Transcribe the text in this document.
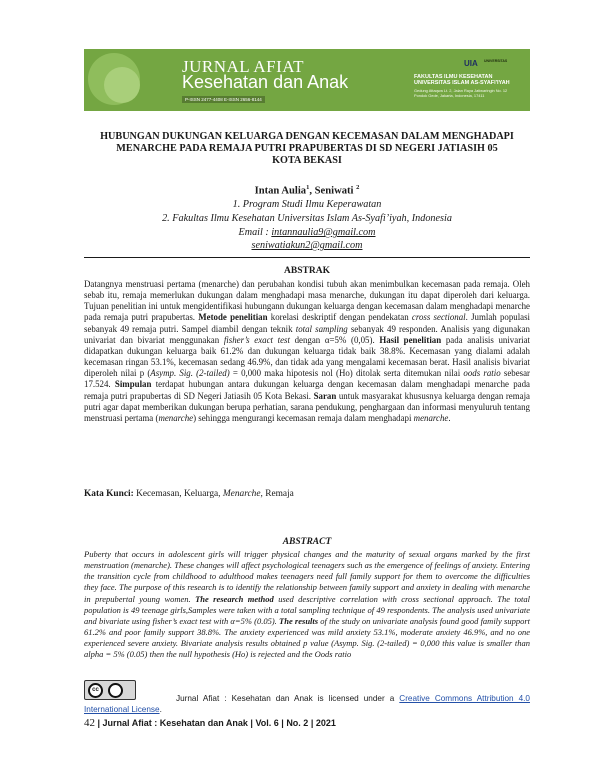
JURNAL AFIAT
Kesehatan dan Anak
P-ISSN 2477-4408 E-ISSN 2656-8144
UIA UNIVERSITAS
FAKULTAS ILMU KESEHATAN
UNIVERSITAS ISLAM AS-SYAFI'IYAH
Gedung Attaqwa Lt. 2, Jalan Raya Jatiwaringin No. 12
Pondok Gede, Jakarta, Indonesia, 17411
HUBUNGAN DUKUNGAN KELUARGA DENGAN KECEMASAN DALAM MENGHADAPI
MENARCHE PADA REMAJA PUTRI PRAPUBERTAS DI SD NEGERI JATIASIH 05
KOTA BEKASI
Intan Aulia$^1$, Seniwati $^2$
1. Program Studi Ilmu Keperawatan
2. Fakultas Ilmu Kesehatan Universitas Islam As-Syafi’iyah, Indonesia
Email : intannaulia9@gmail.com
seniwatiakun2@gmail.com
ABSTRAK
Datangnya menstruasi pertama (menarche) dan perubahan kondisi tubuh akan menimbulkan kecemasan pada remaja. Oleh sebab itu, remaja memerlukan dukungan dalam menghadapi masa menarche, dukungan itu dapat diperoleh dari keluarga. Tujuan penelitian ini untuk mengidentifikasi hubungann dukungan keluarga dengan kecemasan dalam menghadapi menarche pada remaja putri prapubertas. Metode penelitian korelasi deskriptif dengan pendekatan cross sectional. Jumlah populasi sebanyak 49 remaja putri. Sampel diambil dengan teknik total sampling sebanyak 49 responden. Analisis yang digunakan univariat dan bivariat menggunakan fisher’s exact test dengan α=5% (0,05). Hasil penelitian pada analisis univariat didapatkan dukungan keluarga baik 61.2% dan dukungan keluarga tidak baik 38.8%. Kecemasan yang dialami adalah kecemasan ringan 53.1%, kecemasan sedang 46.9%, dan tidak ada yang mengalami kecemasan berat. Hasil analisis bivariat diperoleh nilai p (Asymp. Sig. (2-tailed) = 0,000 maka hipotesis nol (Ho) ditolak serta ditemukan nilai oods ratio sebesar 17.524. Simpulan terdapat hubungan antara dukungan keluarga dengan kecemasan dalam menghadapi menarche pada remaja putri prapubertas di SD Negeri Jatiasih 05 Kota Bekasi. Saran untuk masyarakat khususnya keluarga dengan remaja putri agar dapat memberikan dukungan berupa perhatian, sarana pendukung, penghargaan dan informasi menyuluruh tentang menstruasi pertama (menarche) sehingga mengurangi kecemasan remaja dalam menghadapi menarche.
Kata Kunci: Kecemasan, Keluarga, Menarche, Remaja
ABSTRACT
Puberty that occurs in adolescent girls will trigger physical changes and the maturity of sexual organs marked by the first menstruation (menarche). These changes will affect psychological teenagers such as the emergence of feelings of anxiety. Entering the transition cycle from childhood to adulthood makes teenagers need full family support for them to overcome the difficulties they face. The purpose of this research is to identify the relationship between family support and anxiety in dealing with menarche in prepubertal young women. The research method used descriptive correlation with cross sectional approach. The total population is 49 teenage girls,Samples were taken with a total sampling technique of 49 respondents. The analysis used univariate and bivariate using fisher’s exact test with α=5% (0.05). The results of the study on univariate analysis found good family support 61.2% and poor family support 38.8%. The anxiety experienced was mild anxiety 53.1%, moderate anxiety 46.9%, and no one experienced severe anxiety. Bivariate analysis results obtained p value (Asymp. Sig. (2-tailed) = 0,000 this value is smaller than alpha = 5% (0.05) then the null hypothesis (Ho) is rejected and the Oods ratio
cc
Jurnal Afiat : Kesehatan dan Anak is licensed under a Creative Commons Attribution 4.0 International License.
42 | Jurnal Afiat : Kesehatan dan Anak | Vol. 6 | No. 2 | 2021
